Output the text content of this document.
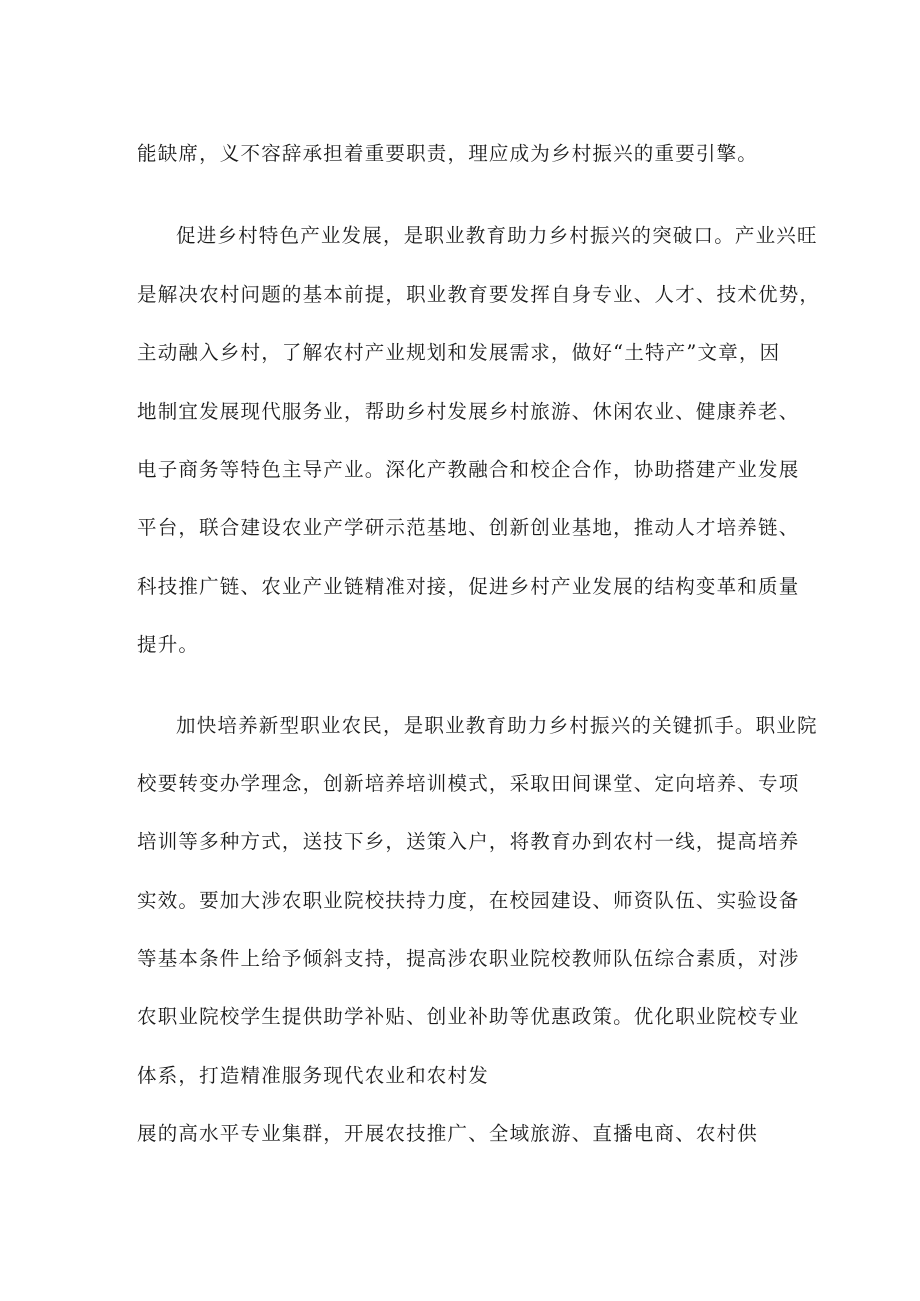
能缺席，义不容辞承担着重要职责，理应成为乡村振兴的重要引擎。

促进乡村特色产业发展，是职业教育助力乡村振兴的突破口。产业兴旺

是解决农村问题的基本前提，职业教育要发挥自身专业、人才、技术优势，

主动融入乡村，了解农村产业规划和发展需求，做好“土特产”文章，因

地制宜发展现代服务业，帮助乡村发展乡村旅游、休闲农业、健康养老、

电子商务等特色主导产业。深化产教融合和校企合作，协助搭建产业发展

平台，联合建设农业产学研示范基地、创新创业基地，推动人才培养链、

科技推广链、农业产业链精准对接，促进乡村产业发展的结构变革和质量

提升。

加快培养新型职业农民，是职业教育助力乡村振兴的关键抓手。职业院

校要转变办学理念，创新培养培训模式，采取田间课堂、定向培养、专项

培训等多种方式，送技下乡，送策入户，将教育办到农村一线，提高培养

实效。要加大涉农职业院校扶持力度，在校园建设、师资队伍、实验设备

等基本条件上给予倾斜支持，提高涉农职业院校教师队伍综合素质，对涉

农职业院校学生提供助学补贴、创业补助等优惠政策。优化职业院校专业

体系，打造精准服务现代农业和农村发

展的高水平专业集群，开展农技推广、全域旅游、直播电商、农村供
